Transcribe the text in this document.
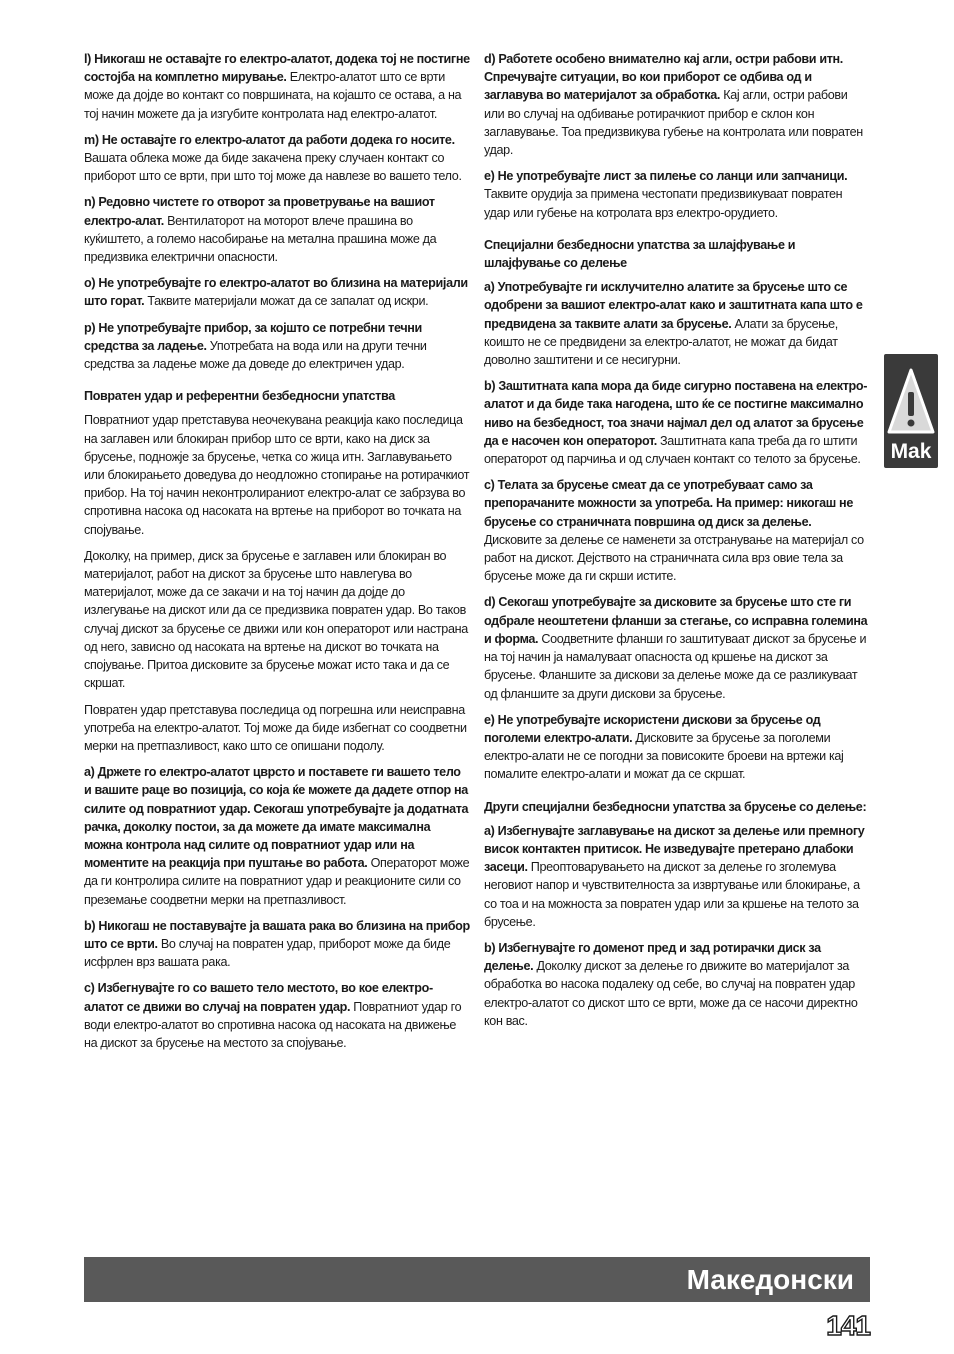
l) Никогаш не оставајте го електро-алатот, додека тој не постигне состојба на комплетно мирување. Електро-алатот што се врти може да дојде во контакт со површината, на којашто се остава, а на тој начин можете да ја изгубите контролата над електро-алатот.

m) Не оставајте го електро-алатот да работи додека го носите. Вашата облека може да биде закачена преку случаен контакт со приборот што се врти, при што тој може да навлезе во вашето тело.

n) Редовно чистете го отворот за проветрување на вашиот електро-алат. Вентилаторот на моторот влече прашина во куќиштето, а големо насобирање на метална прашина може да предизвика електрични опасности.

o) Не употребувајте го електро-алатот во близина на материјали што горат. Таквите материјали можат да се запалат од искри.

p) Не употребувајте прибор, за којшто се потребни течни средства за ладење. Употребата на вода или на други течни средства за ладење може да доведе до електричен удар.

Повратен удар и референтни безбедносни упатства

Повратниот удар претставува неочекувана реакција како последица на заглавен или блокиран прибор што се врти, како на диск за брусење, подножје за брусење, четка со жица итн. Заглавувањето или блокирањето доведува до неодложно стопирање на ротирачкиот прибор. На тој начин неконтролираниот електро-алат се забрзува во спротивна насока од насоката на вртење на приборот во точката на спојување.

Доколку, на пример, диск за брусење е заглавен или блокиран во материјалот, работ на дискот за брусење што навлегува во материјалот, може да се закачи и на тој начин да дојде до излегување на дискот или да се предизвика повратен удар. Во таков случај дискот за брусење се движи или кон операторот или настрана од него, зависно од насоката на вртење на дискот во точката на спојување. Притоа дисковите за брусење можат исто така и да се скршат.

Повратен удар претставува последица од погрешна или неисправна употреба на електро-алатот. Тој може да биде избегнат со соодветни мерки на претпазливост, како што се опишани подолу.

a) Држете го електро-алатот цврсто и поставете ги вашето тело и вашите раце во позиција, со која ќе можете да дадете отпор на силите од повратниот удар. Секогаш употребувајте ја додатната рачка, доколку постои, за да можете да имате максимална можна контрола над силите од повратниот удар или на моментите на реакција при пуштање во работа. Операторот може да ги контролира силите на повратниот удар и реакционите сили со преземање соодветни мерки на претпазливост.

b) Никогаш не поставувајте ја вашата рака во близина на прибор што се врти. Во случај на повратен удар, приборот може да биде исфрлен врз вашата рака.

c) Избегнувајте го со вашето тело местото, во кое електро-алатот се движи во случај на повратен удар. Повратниот удар го води електро-алатот во спротивна насока од насоката на движење на дискот за брусење на местото за спојување.

d) Работете особено внимателно кај агли, остри рабови итн. Спречувајте ситуации, во кои приборот се одбива од и заглавува во материјалот за обработка. Кај агли, остри рабови или во случај на одбивање ротирачкиот прибор е склон кон заглавување. Тоа предизвикува губење на контролата или повратен удар.

e) Не употребувајте лист за пилење со ланци или запчаници. Таквите орудија за примена честопати предизвикуваат повратен удар или губење на котролата врз електро-орудието.

Специјални безбедносни упатства за шлајфување и шлајфување со делење

a) Употребувајте ги исклучително алатите за брусење што се одобрени за вашиот електро-алат како и заштитната капа што е предвидена за таквите алати за брусење. Алати за брусење, коишто не се предвидени за електро-алатот, не можат да бидат доволно заштитени и се несигурни.

b) Заштитната капа мора да биде сигурно поставена на електро-алатот и да биде така нагодена, што ќе се постигне максимално ниво на безбедност, тоа значи најмал дел од алатот за брусење да е насочен кон операторот. Заштитната капа треба да го штити операторот од парчиња и од случаен контакт со телото за брусење.

c) Телата за брусење смеат да се употребуваат само за препорачаните можности за употреба. На пример: никогаш не брусење со страничната површина од диск за делење. Дисковите за делење се наменети за отстранување на материјал со работ на дискот. Дејството на страничната сила врз овие тела за брусење може да ги скрши истите.

d) Секогаш употребувајте за дисковите за брусење што сте ги одбрале неоштетени фланши за стегање, со исправна големина и форма. Соодветните фланши го заштитуваат дискот за брусење и на тој начин ја намалуваат опасноста од кршење на дискот за брусење. Фланшите за дискови за делење може да се разликуваат од фланшите за други дискови за брусење.

e) Не употребувајте искористени дискови за брусење од поголеми електро-алати. Дисковите за брусење за поголеми електро-алати не се погодни за повисоките броеви на вртежи кај помалите електро-алати и можат да се скршат.

Други специјални безбедносни упатства за брусење со делење:

a) Избегнувајте заглавување на дискот за делење или премногу висок контактен притисок. Не изведувајте претерано длабоки засеци. Преоптоварувањето на дискот за делење го зголемува неговиот напор и чувствителноста за извртување или блокирање, а со тоа и на можноста за повратен удар или за кршење на телото за брусење.

b) Избегнувајте го доменот пред и зад ротирачки диск за делење. Доколку дискот за делење го движите во материјалот за обработка во насока подалеку од себе, во случај на повратен удар електро-алатот со дискот што се врти, може да се насочи директно кон вас.

Mak
Македонски
141
